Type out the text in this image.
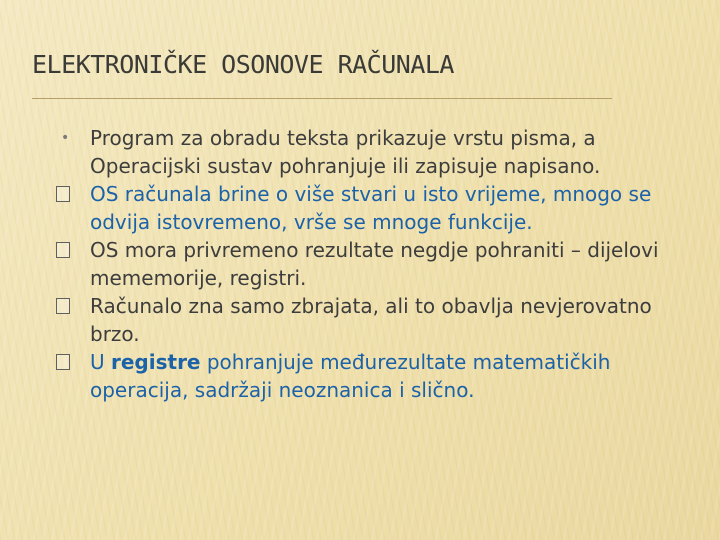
ELEKTRONIČKE OSONOVE RAČUNALA

• Program za obradu teksta prikazuje vrstu pisma, a Operacijski sustav pohranjuje ili zapisuje napisano.

OS računala brine o više stvari u isto vrijeme, mnogo se odvija istovremeno, vrše se mnoge funkcije.

OS mora privremeno rezultate negdje pohraniti – dijelovi mememorije, registri.

Računalo zna samo zbrajata, ali to obavlja nevjerovatno brzo.

U registre pohranjuje međurezultate matematičkih operacija, sadržaji neoznanica i slično.
